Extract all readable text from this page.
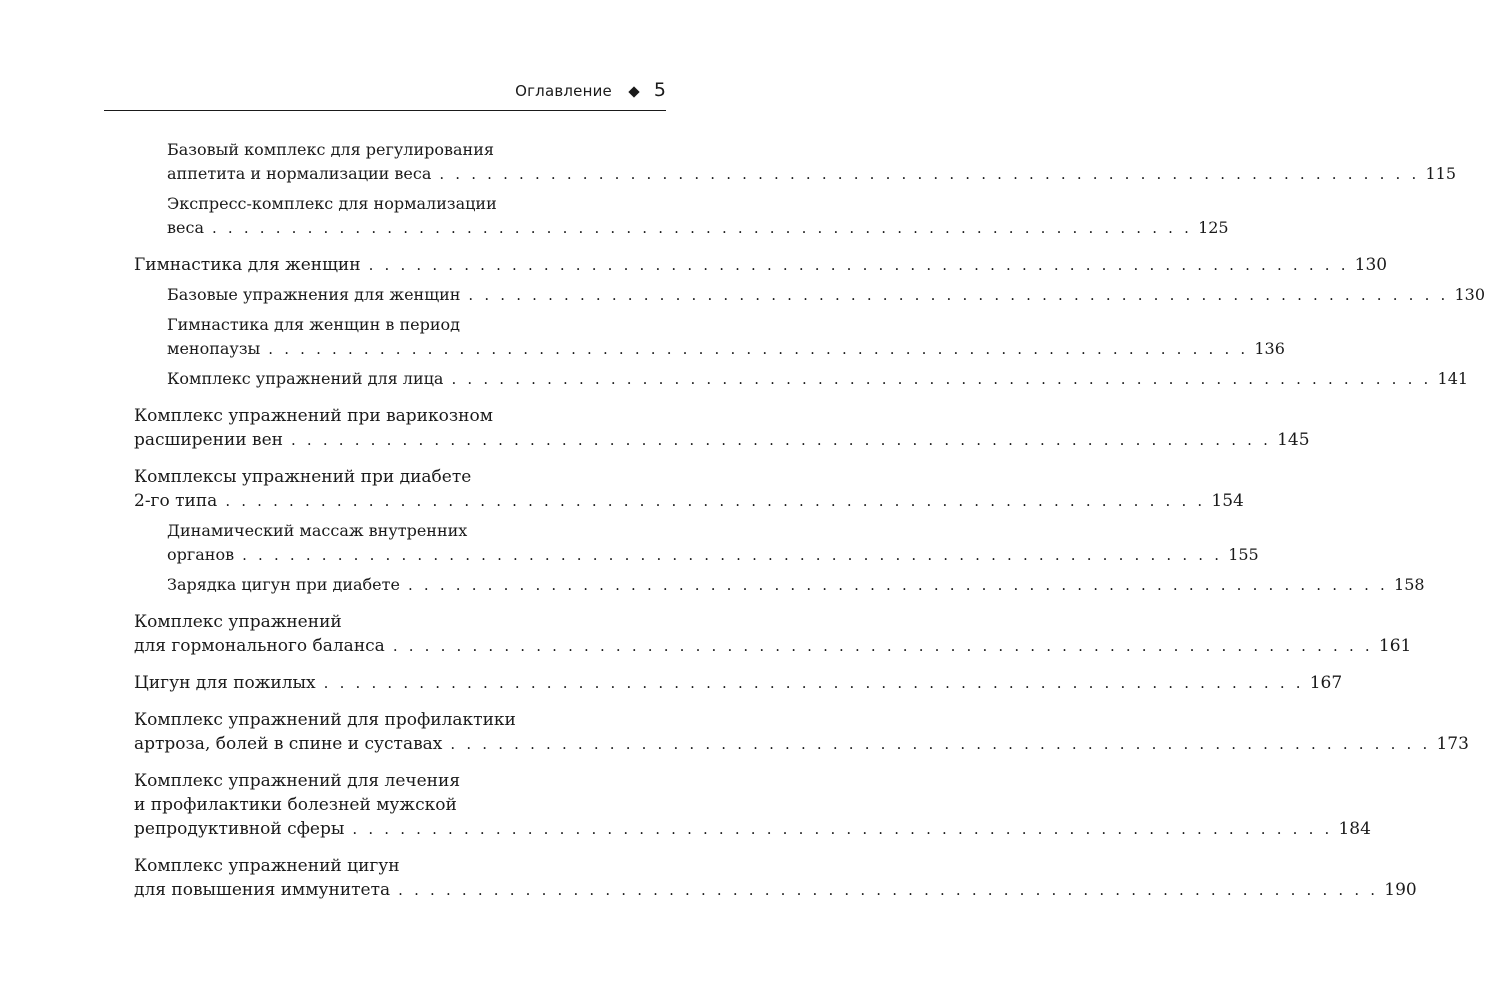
Оглавление 5
Базовый комплекс для регулирования
аппетита и нормализации веса . . . . . . . . . . . . . . . . . . . . . . . . . . . . . . . . . . . . . . . . . . . . . . . . . . . . . . . . . . . . . . 115
Экспресс-комплекс для нормализации
веса . . . . . . . . . . . . . . . . . . . . . . . . . . . . . . . . . . . . . . . . . . . . . . . . . . . . . . . . . . . . . . 125
Гимнастика для женщин . . . . . . . . . . . . . . . . . . . . . . . . . . . . . . . . . . . . . . . . . . . . . . . . . . . . . . . . . . . . . . 130
Базовые упражнения для женщин . . . . . . . . . . . . . . . . . . . . . . . . . . . . . . . . . . . . . . . . . . . . . . . . . . . . . . . . . . . . . . 130
Гимнастика для женщин в период
менопаузы . . . . . . . . . . . . . . . . . . . . . . . . . . . . . . . . . . . . . . . . . . . . . . . . . . . . . . . . . . . . . . 136
Комплекс упражнений для лица . . . . . . . . . . . . . . . . . . . . . . . . . . . . . . . . . . . . . . . . . . . . . . . . . . . . . . . . . . . . . . 141
Комплекс упражнений при варикозном
расширении вен . . . . . . . . . . . . . . . . . . . . . . . . . . . . . . . . . . . . . . . . . . . . . . . . . . . . . . . . . . . . . . 145
Комплексы упражнений при диабете
2-го типа . . . . . . . . . . . . . . . . . . . . . . . . . . . . . . . . . . . . . . . . . . . . . . . . . . . . . . . . . . . . . . 154
Динамический массаж внутренних
органов . . . . . . . . . . . . . . . . . . . . . . . . . . . . . . . . . . . . . . . . . . . . . . . . . . . . . . . . . . . . . . 155
Зарядка цигун при диабете . . . . . . . . . . . . . . . . . . . . . . . . . . . . . . . . . . . . . . . . . . . . . . . . . . . . . . . . . . . . . . 158
Комплекс упражнений
для гормонального баланса . . . . . . . . . . . . . . . . . . . . . . . . . . . . . . . . . . . . . . . . . . . . . . . . . . . . . . . . . . . . . . 161
Цигун для пожилых . . . . . . . . . . . . . . . . . . . . . . . . . . . . . . . . . . . . . . . . . . . . . . . . . . . . . . . . . . . . . . 167
Комплекс упражнений для профилактики
артроза, болей в спине и суставах . . . . . . . . . . . . . . . . . . . . . . . . . . . . . . . . . . . . . . . . . . . . . . . . . . . . . . . . . . . . . . 173
Комплекс упражнений для лечения
и профилактики болезней мужской
репродуктивной сферы . . . . . . . . . . . . . . . . . . . . . . . . . . . . . . . . . . . . . . . . . . . . . . . . . . . . . . . . . . . . . . 184
Комплекс упражнений цигун
для повышения иммунитета . . . . . . . . . . . . . . . . . . . . . . . . . . . . . . . . . . . . . . . . . . . . . . . . . . . . . . . . . . . . . . 190
